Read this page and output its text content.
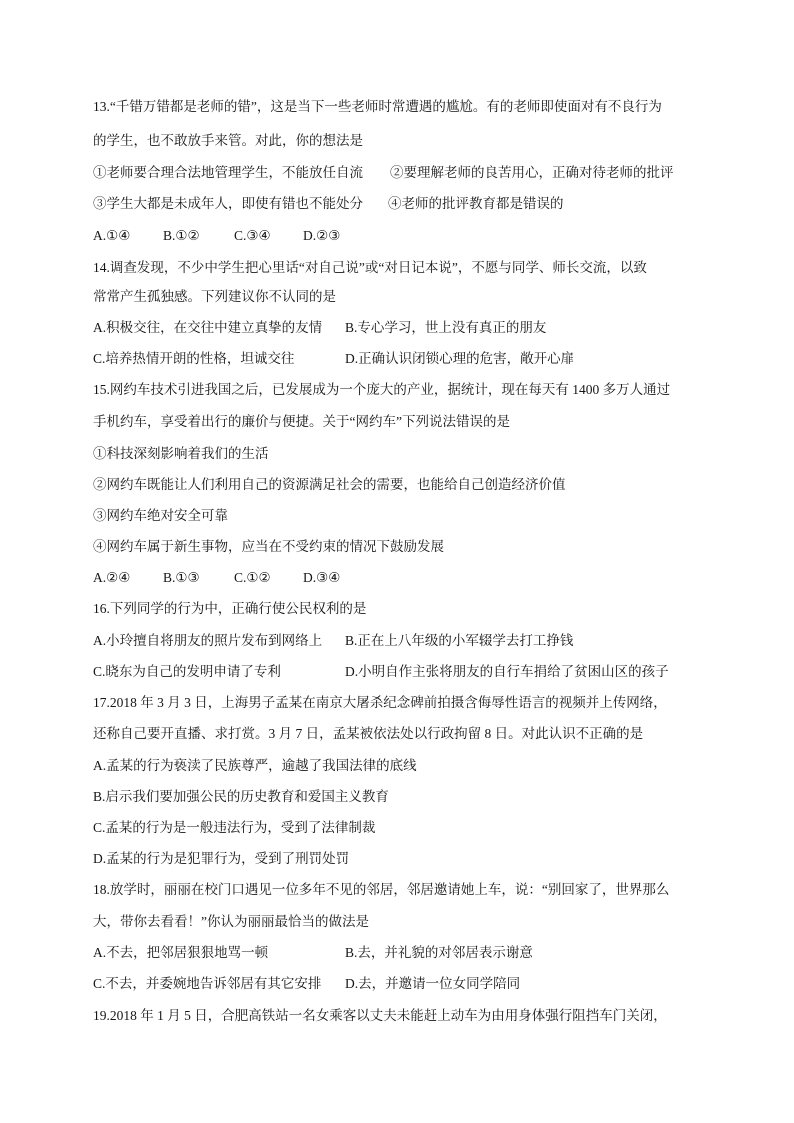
13.“千错万错都是老师的错”，这是当下一些老师时常遭遇的尴尬。有的老师即使面对有不良行为
的学生，也不敢放手来管。对此，你的想法是
①老师要合理合法地管理学生，不能放任自流 ②要理解老师的良苦用心，正确对待老师的批评
③学生大都是未成年人，即使有错也不能处分 ④老师的批评教育都是错误的
A.①④ B.①②	C.③④ D.②③
14.调查发现，不少中学生把心里话“对自己说”或“对日记本说”，不愿与同学、师长交流，以致
常常产生孤独感。下列建议你不认同的是
A.积极交往，在交往中建立真挚的友情 B.专心学习，世上没有真正的朋友
C.培养热情开朗的性格，坦诚交往	D.正确认识闭锁心理的危害，敞开心扉
15.网约车技术引进我国之后，已发展成为一个庞大的产业，据统计，现在每天有 1400 多万人通过
手机约车，享受着出行的廉价与便捷。关于“网约车”下列说法错误的是
①科技深刻影响着我们的生活
②网约车既能让人们利用自己的资源满足社会的需要，也能给自己创造经济价值
③网约车绝对安全可靠
④网约车属于新生事物，应当在不受约束的情况下鼓励发展
A.②④ B.①③	C.①② D.③④
16.下列同学的行为中，正确行使公民权利的是
A.小玲擅自将朋友的照片发布到网络上 B.正在上八年级的小军辍学去打工挣钱
C.晓东为自己的发明申请了专利	D.小明自作主张将朋友的自行车捐给了贫困山区的孩子
17.2018 年 3 月 3 日，上海男子孟某在南京大屠杀纪念碑前拍摄含侮辱性语言的视频并上传网络，
还称自己要开直播、求打赏。3 月 7 日，孟某被依法处以行政拘留 8 日。对此认识不正确的是
A.孟某的行为亵渎了民族尊严，逾越了我国法律的底线
B.启示我们要加强公民的历史教育和爱国主义教育
C.孟某的行为是一般违法行为，受到了法律制裁
D.孟某的行为是犯罪行为，受到了刑罚处罚
18.放学时，丽丽在校门口遇见一位多年不见的邻居，邻居邀请她上车，说：“别回家了，世界那么
大，带你去看看！”你认为丽丽最恰当的做法是
A.不去，把邻居狠狠地骂一顿	B.去，并礼貌的对邻居表示谢意
C.不去，并委婉地告诉邻居有其它安排 D.去，并邀请一位女同学陪同
19.2018 年 1 月 5 日，合肥高铁站一名女乘客以丈夫未能赶上动车为由用身体强行阻挡车门关闭，
